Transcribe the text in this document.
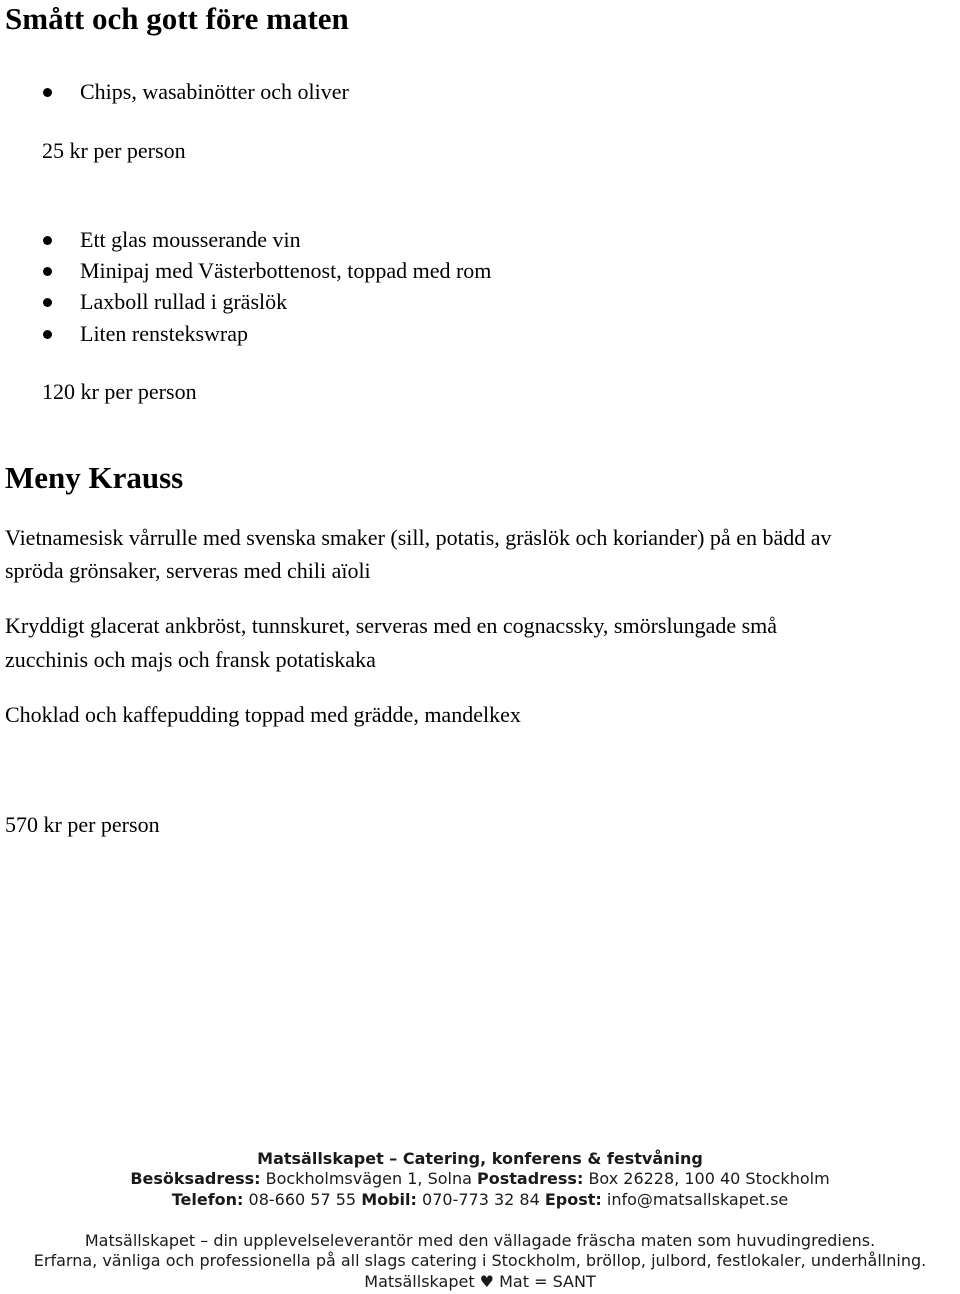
Smått och gott före maten
Chips, wasabinötter och oliver
25 kr per person
Ett glas mousserande vin
Minipaj med Västerbottenost, toppad med rom
Laxboll rullad i gräslök
Liten renstekswrap
120 kr per person
Meny Krauss
Vietnamesisk vårrulle med svenska smaker (sill, potatis, gräslök och koriander) på en bädd av
spröda grönsaker, serveras med chili aïoli
Kryddigt glacerat ankbröst, tunnskuret, serveras med en cognacssky, smörslungade små
zucchinis och majs och fransk potatiskaka
Choklad och kaffepudding toppad med grädde, mandelkex
570 kr per person
Matsällskapet – Catering, konferens & festvåning
Besöksadress: Bockholmsvägen 1, Solna Postadress: Box 26228, 100 40 Stockholm
Telefon: 08-660 57 55 Mobil: 070-773 32 84 Epost: info@matsallskapet.se
Matsällskapet – din upplevelseleverantör med den vällagade fräscha maten som huvudingrediens.
Erfarna, vänliga och professionella på all slags catering i Stockholm, bröllop, julbord, festlokaler, underhållning.
Matsällskapet ♥ Mat = SANT
